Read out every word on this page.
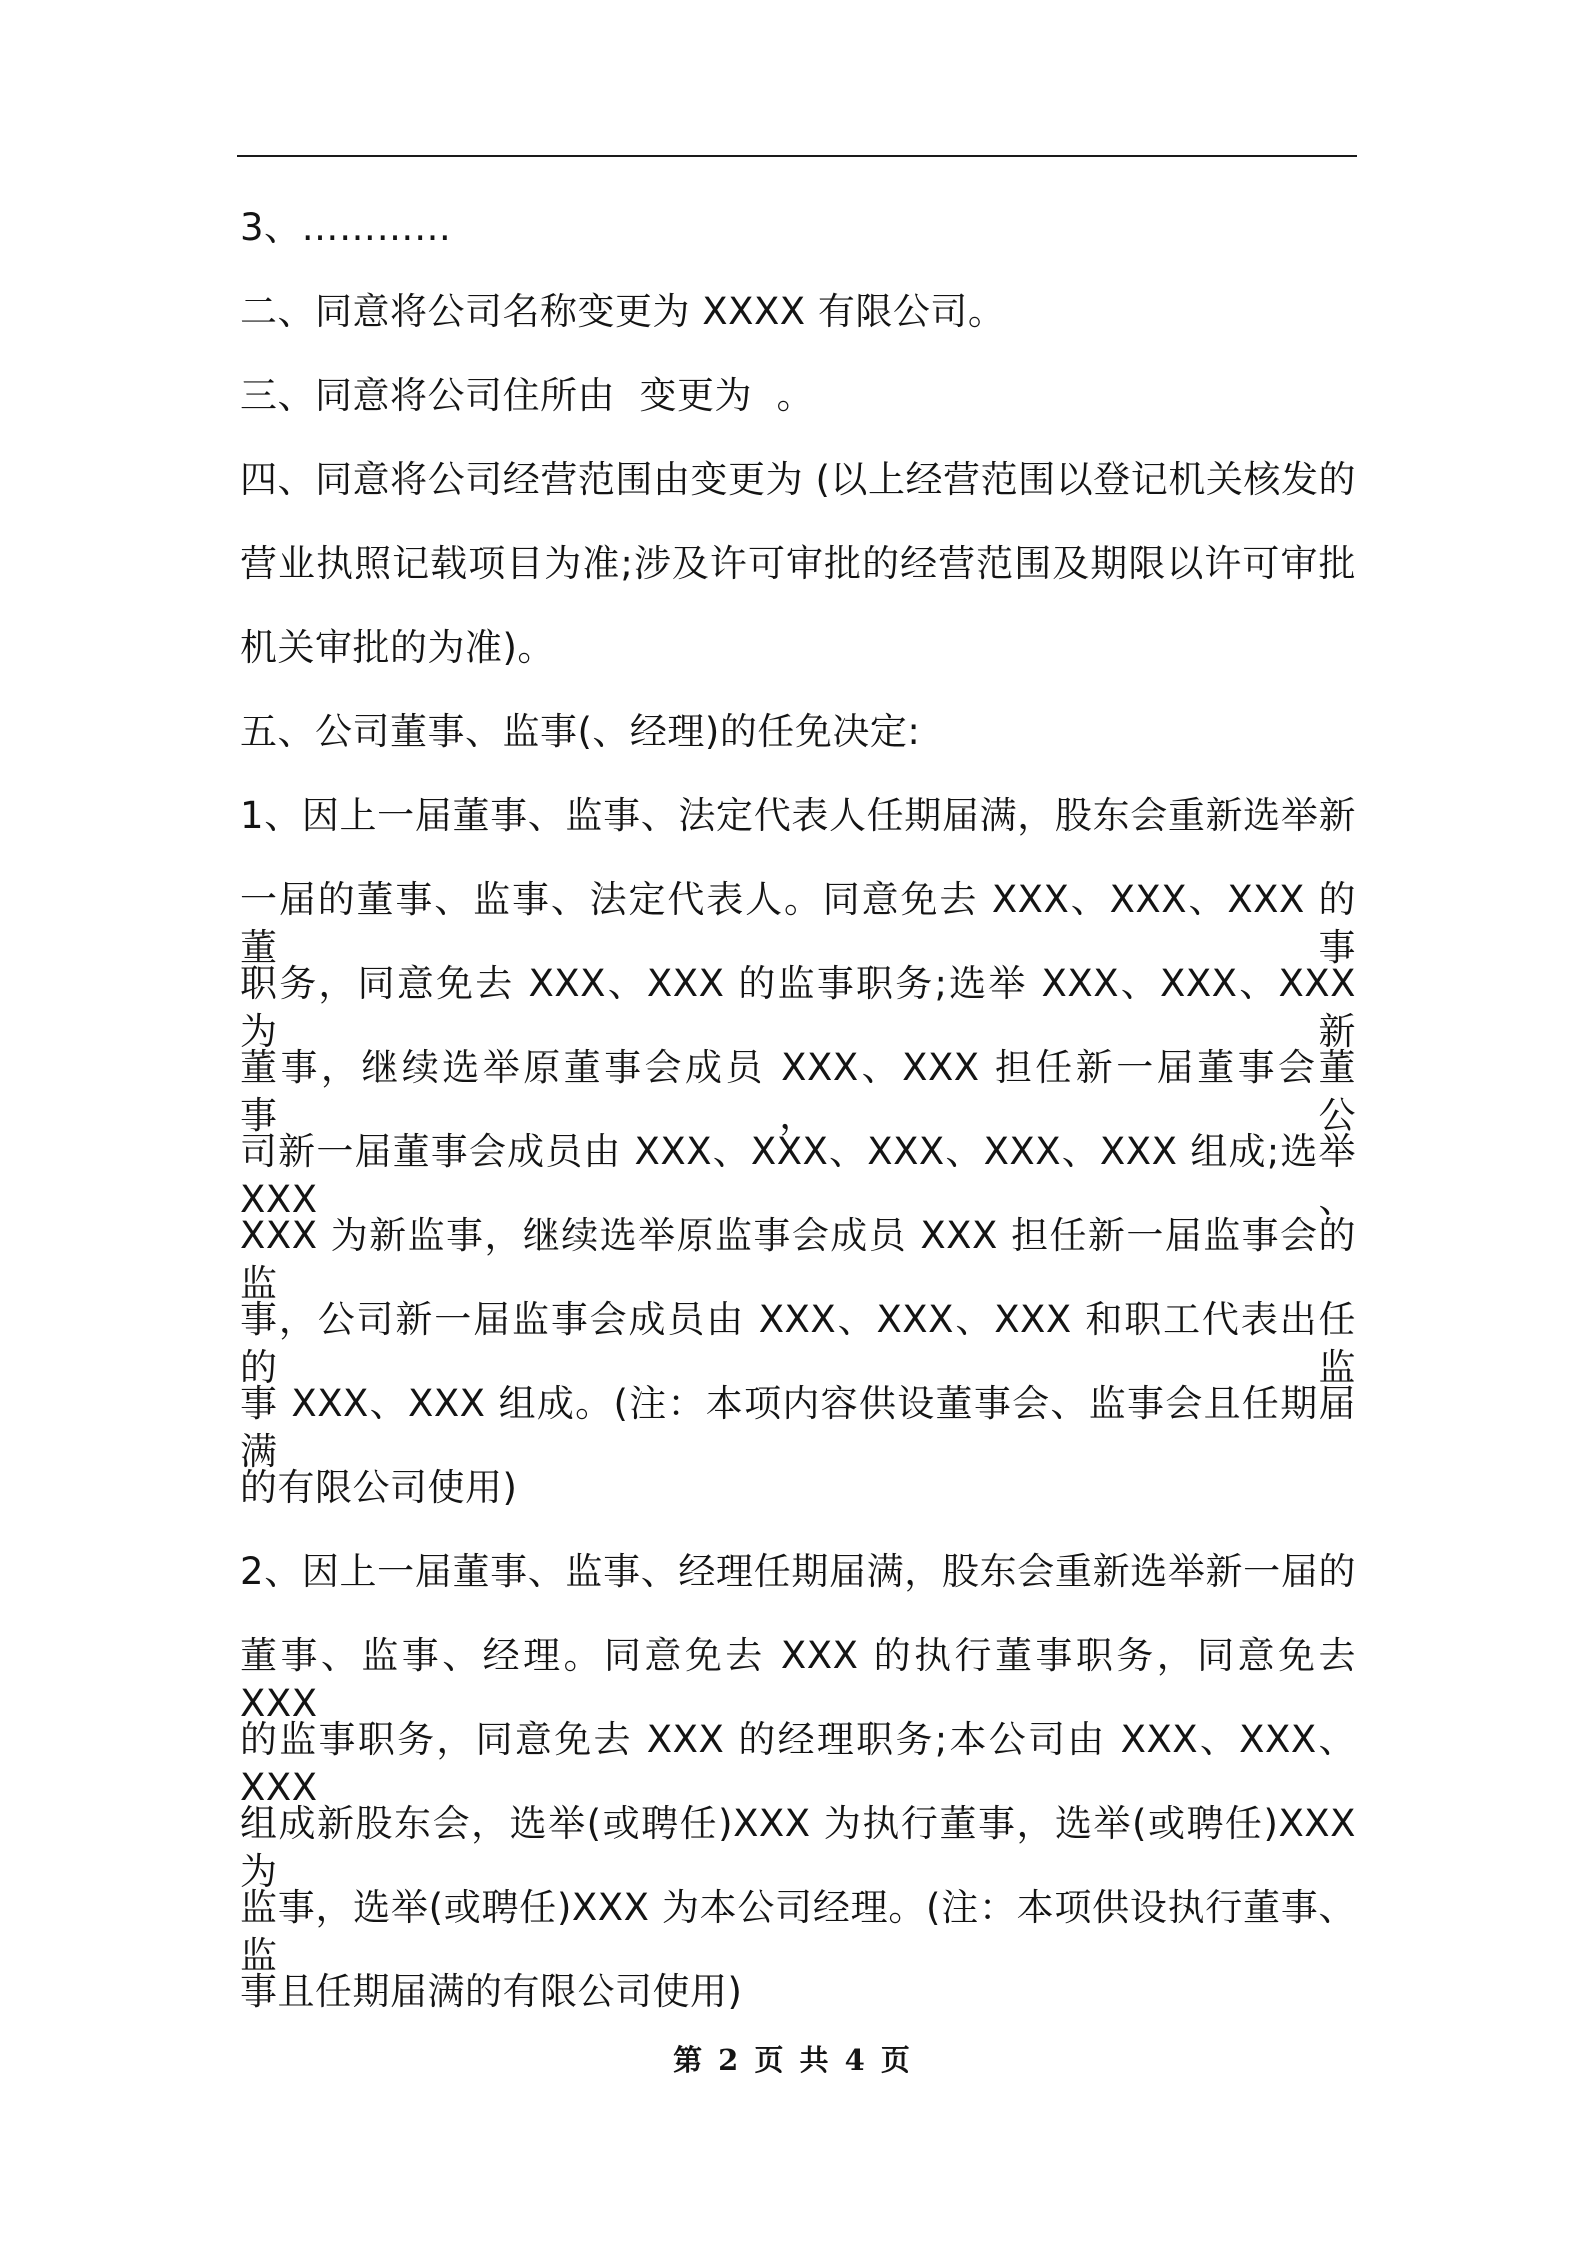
3、…………
二、同意将公司名称变更为 XXXX 有限公司。
三、同意将公司住所由  变更为  。
四、同意将公司经营范围由变更为 (以上经营范围以登记机关核发的
营业执照记载项目为准;涉及许可审批的经营范围及期限以许可审批
机关审批的为准)。
五、公司董事、监事(、经理)的任免决定:
1、因上一届董事、监事、法定代表人任期届满，股东会重新选举新
一届的董事、监事、法定代表人。同意免去 XXX、XXX、XXX 的董事
职务，同意免去 XXX、XXX 的监事职务;选举 XXX、XXX、XXX 为新
董事，继续选举原董事会成员 XXX、XXX 担任新一届董事会董事，公
司新一届董事会成员由 XXX、XXX、XXX、XXX、XXX 组成;选举 XXX、
XXX 为新监事，继续选举原监事会成员 XXX 担任新一届监事会的监
事，公司新一届监事会成员由 XXX、XXX、XXX 和职工代表出任的监
事 XXX、XXX 组成。(注：本项内容供设董事会、监事会且任期届满
的有限公司使用)
2、因上一届董事、监事、经理任期届满，股东会重新选举新一届的
董事、监事、经理。同意免去 XXX 的执行董事职务，同意免去 XXX
的监事职务，同意免去 XXX 的经理职务;本公司由 XXX、XXX、XXX
组成新股东会，选举(或聘任)XXX 为执行董事，选举(或聘任)XXX 为
监事，选举(或聘任)XXX 为本公司经理。(注：本项供设执行董事、监
事且任期届满的有限公司使用)
第 2 页 共 4 页
